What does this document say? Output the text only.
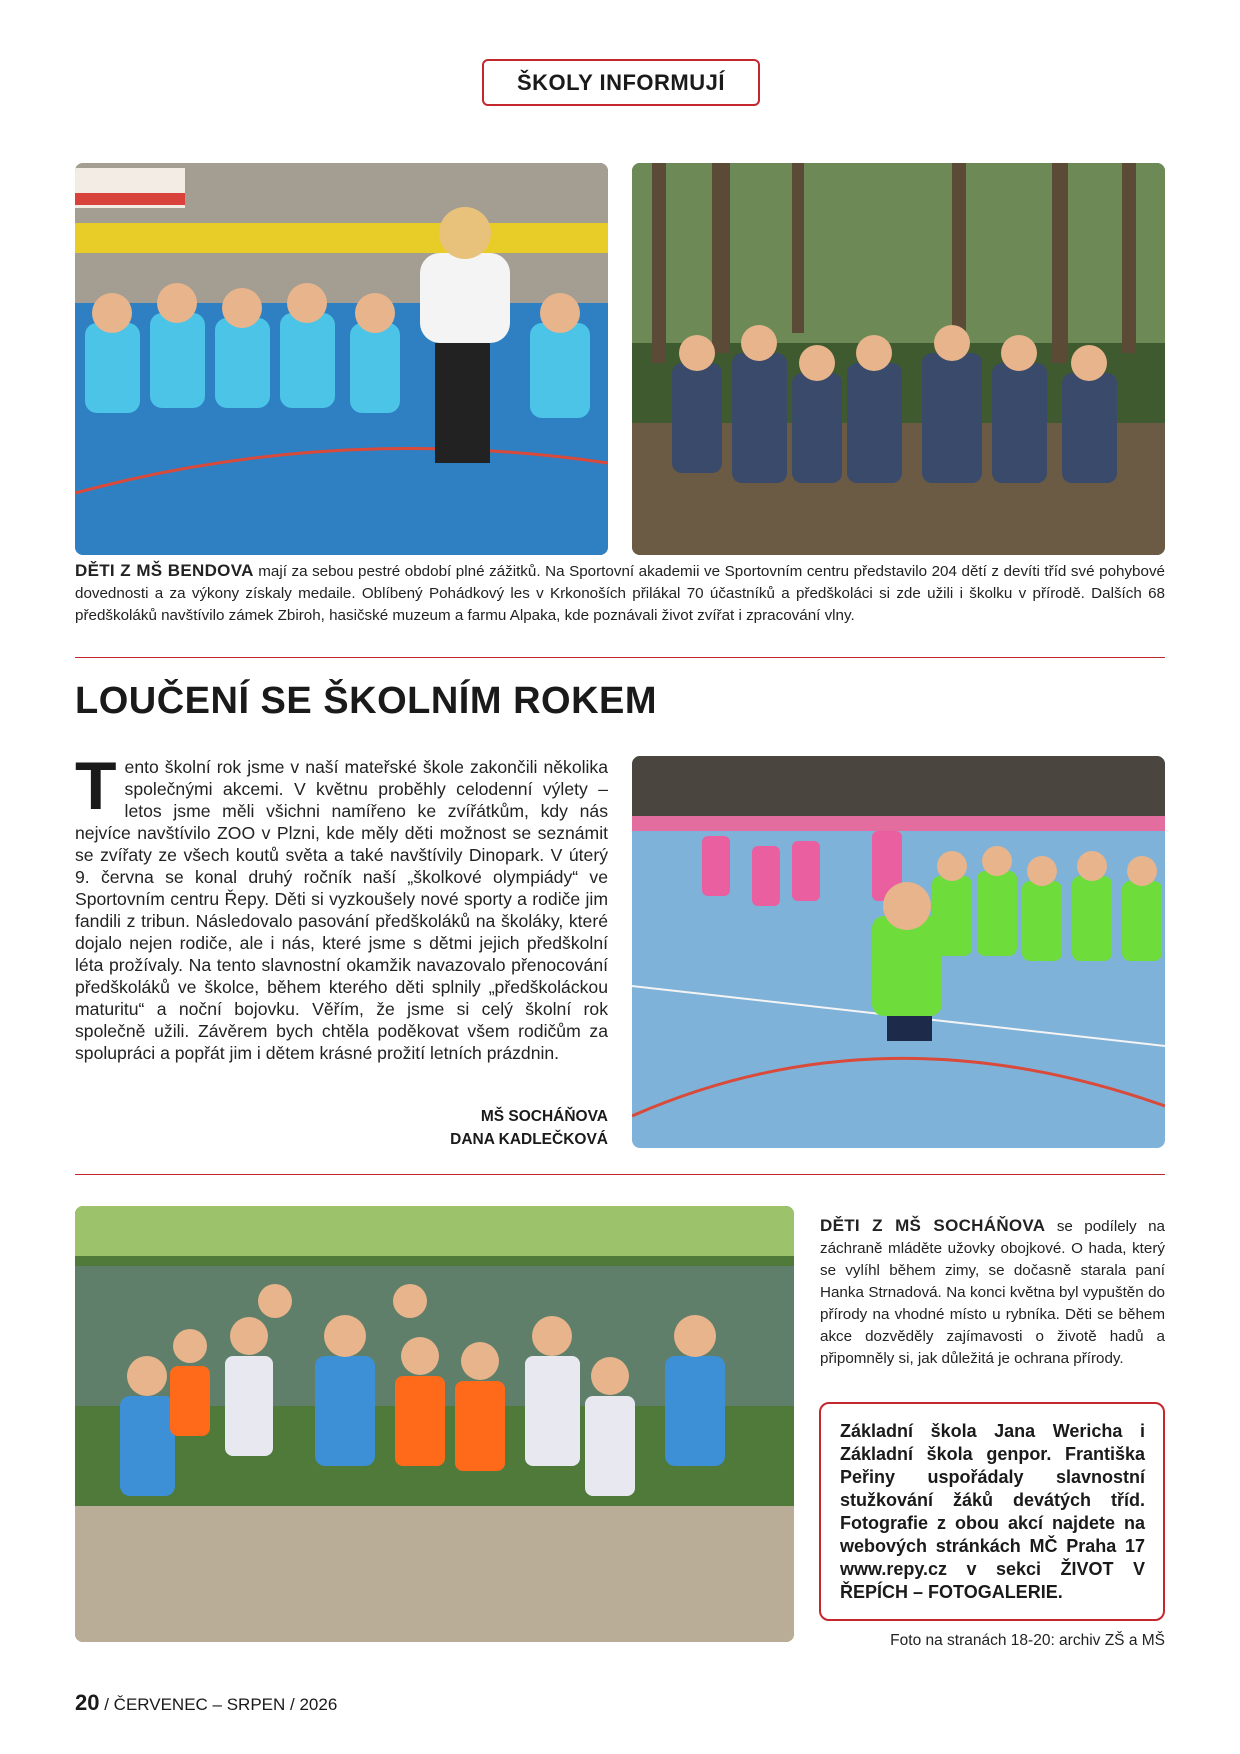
ŠKOLY INFORMUJÍ
DĚTI Z MŠ BENDOVA mají za sebou pestré období plné zážitků. Na Sportovní akademii ve Sportovním centru představilo 204 dětí z devíti tříd své pohybové dovednosti a za výkony získaly medaile. Oblíbený Pohádkový les v Krkonoších přilákal 70 účastníků a předškoláci si zde užili i školku v přírodě. Dalších 68 předškoláků navštívilo zámek Zbiroh, hasičské muzeum a farmu Alpaka, kde poznávali život zvířat i zpracování vlny.
LOUČENÍ SE ŠKOLNÍM ROKEM
Tento školní rok jsme v naší mateřské škole zakončili několika společnými akcemi. V květnu proběhly celodenní výlety – letos jsme měli všichni namířeno ke zvířátkům, kdy nás nejvíce navštívilo ZOO v Plzni, kde měly děti možnost se seznámit se zvířaty ze všech koutů světa a také navštívily Dinopark. V úterý 9. června se konal druhý ročník naší „školkové olympiády“ ve Sportovním centru Řepy. Děti si vyzkoušely nové sporty a rodiče jim fandili z tribun. Následovalo pasování předškoláků na školáky, které dojalo nejen rodiče, ale i nás, které jsme s dětmi jejich předškolní léta prožívaly. Na tento slavnostní okamžik navazovalo přenocování předškoláků ve školce, během kterého děti splnily „předškoláckou maturitu“ a noční bojovku. Věřím, že jsme si celý školní rok společně užili. Závěrem bych chtěla poděkovat všem rodičům za spolupráci a popřát jim i dětem krásné prožití letních prázdnin.
MŠ SOCHÁŇOVA
DANA KADLEČKOVÁ
DĚTI Z MŠ SOCHÁŇOVA se podílely na záchraně mláděte užovky obojkové. O hada, který se vylíhl během zimy, se dočasně starala paní Hanka Strnadová. Na konci května byl vypuštěn do přírody na vhodné místo u rybníka. Děti se během akce dozvěděly zajímavosti o životě hadů a připomněly si, jak důležitá je ochrana přírody.
Základní škola Jana Wericha i Základní škola genpor. Františka Peřiny uspořádaly slavnostní stužkování žáků devátých tříd. Fotografie z obou akcí najdete na webových stránkách MČ Praha 17 www.repy.cz v sekci ŽIVOT V ŘEPÍCH – FOTOGALERIE.
Foto na stranách 18-20: archiv ZŠ a MŠ
20 / ČERVENEC – SRPEN / 2026
